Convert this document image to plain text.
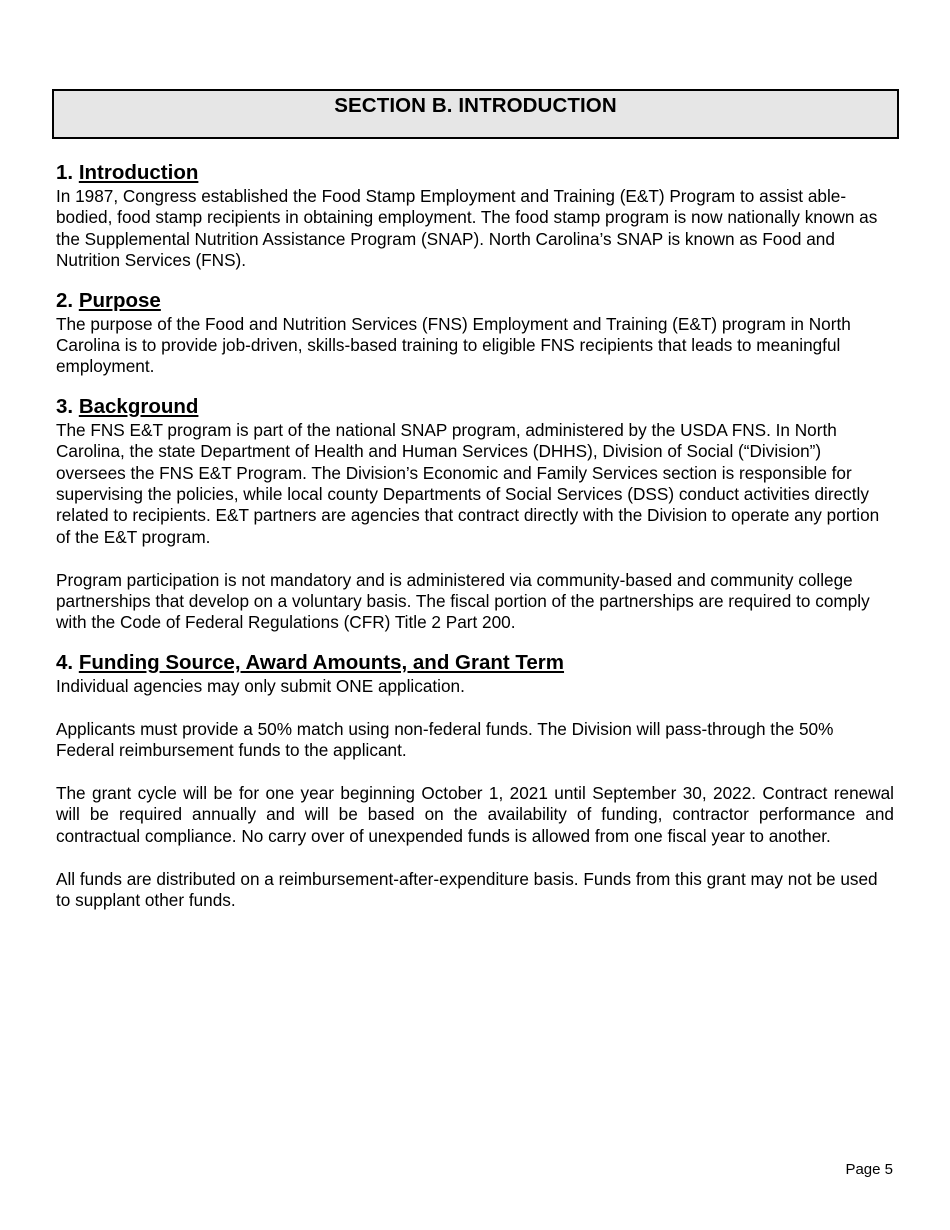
SECTION B. INTRODUCTION
1. Introduction

In 1987, Congress established the Food Stamp Employment and Training (E&T) Program to assist able-bodied, food stamp recipients in obtaining employment. The food stamp program is now nationally known as the Supplemental Nutrition Assistance Program (SNAP). North Carolina’s SNAP is known as Food and Nutrition Services (FNS).

2. Purpose

The purpose of the Food and Nutrition Services (FNS) Employment and Training (E&T) program in North Carolina is to provide job-driven, skills-based training to eligible FNS recipients that leads to meaningful employment.

3. Background

The FNS E&T program is part of the national SNAP program, administered by the USDA FNS. In North Carolina, the state Department of Health and Human Services (DHHS), Division of Social (“Division”) oversees the FNS E&T Program. The Division’s Economic and Family Services section is responsible for supervising the policies, while local county Departments of Social Services (DSS) conduct activities directly related to recipients. E&T partners are agencies that contract directly with the Division to operate any portion of the E&T program.

Program participation is not mandatory and is administered via community-based and community college partnerships that develop on a voluntary basis. The fiscal portion of the partnerships are required to comply with the Code of Federal Regulations (CFR) Title 2 Part 200.

4. Funding Source, Award Amounts, and Grant Term

Individual agencies may only submit ONE application.

Applicants must provide a 50% match using non-federal funds. The Division will pass-through the 50% Federal reimbursement funds to the applicant.

The grant cycle will be for one year beginning October 1, 2021 until September 30, 2022. Contract renewal will be required annually and will be based on the availability of funding, contractor performance and contractual compliance. No carry over of unexpended funds is allowed from one fiscal year to another.

All funds are distributed on a reimbursement-after-expenditure basis. Funds from this grant may not be used to supplant other funds.

Page 5
